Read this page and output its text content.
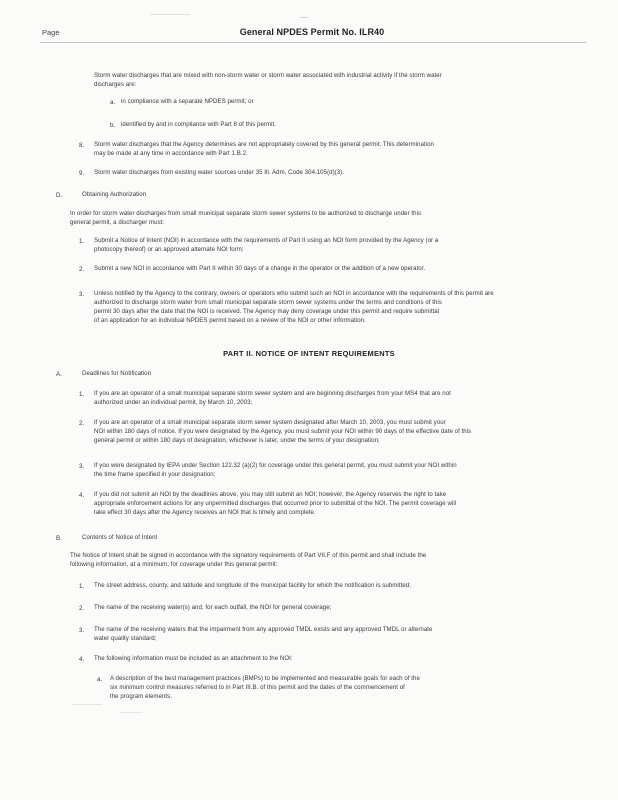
Page	General NPDES Permit No. ILR40
Storm water discharges that are mixed with non-storm water or storm water associated with industrial activity if the storm water
discharges are:
a. in compliance with a separate NPDES permit; or
b. identified by and in compliance with Part 8 of this permit.
8. Storm water discharges that the Agency determines are not appropriately covered by this general permit. This determination
may be made at any time in accordance with Part 1.B.2.
9. Storm water discharges from existing water sources under 35 Ill. Adm. Code 304.105(d)(3).
D.	Obtaining Authorization
In order for storm water discharges from small municipal separate storm sewer systems to be authorized to discharge under this
general permit, a discharger must:
1. Submit a Notice of Intent (NOI) in accordance with the requirements of Part II using an NOI form provided by the Agency (or a
photocopy thereof) or an approved alternate NOI form;
2. Submit a new NOI in accordance with Part II within 30 days of a change in the operator or the addition of a new operator.
3. Unless notified by the Agency to the contrary, owners or operators who submit such an NOI in accordance with the requirements of this permit are
authorized to discharge storm water from small municipal separate storm sewer systems under the terms and conditions of this
permit 30 days after the date that the NOI is received. The Agency may deny coverage under this permit and require submittal
of an application for an individual NPDES permit based on a review of the NOI or other information.
PART II. NOTICE OF INTENT REQUIREMENTS
A.	Deadlines for Notification
1. If you are an operator of a small municipal separate storm sewer system and are beginning discharges from your MS4 that are not
authorized under an individual permit, by March 10, 2003;
2. If you are an operator of a small municipal separate storm sewer system designated after March 10, 2003, you must submit your
NOI within 180 days of notice. If you were designated by the Agency, you must submit your NOI within 90 days of the effective date of this
general permit or within 180 days of designation, whichever is later, under the terms of your designation;
3. If you were designated by IEPA under Section 122.32 (a)(2) for coverage under this general permit, you must submit your NOI within
the time frame specified in your designation;
4. If you did not submit an NOI by the deadlines above, you may still submit an NOI; however, the Agency reserves the right to take
appropriate enforcement actions for any unpermitted discharges that occurred prior to submittal of the NOI. The permit coverage will
take effect 30 days after the Agency receives an NOI that is timely and complete.
B.	Contents of Notice of Intent
The Notice of Intent shall be signed in accordance with the signatory requirements of Part VII.F of this permit and shall include the
following information, at a minimum, for coverage under this general permit:
1. The street address, county, and latitude and longitude of the municipal facility for which the notification is submitted;
2. The name of the receiving water(s) and, for each outfall, the NOI for general coverage;
3. The name of the receiving waters that the impairment from any approved TMDL exists and any approved TMDL or alternate
water quality standard;
4. The following information must be included as an attachment to the NOI:
a. A description of the best management practices (BMPs) to be implemented and measurable goals for each of the
six minimum control measures referred to in Part III.B. of this permit and the dates of the commencement of
the program elements.
